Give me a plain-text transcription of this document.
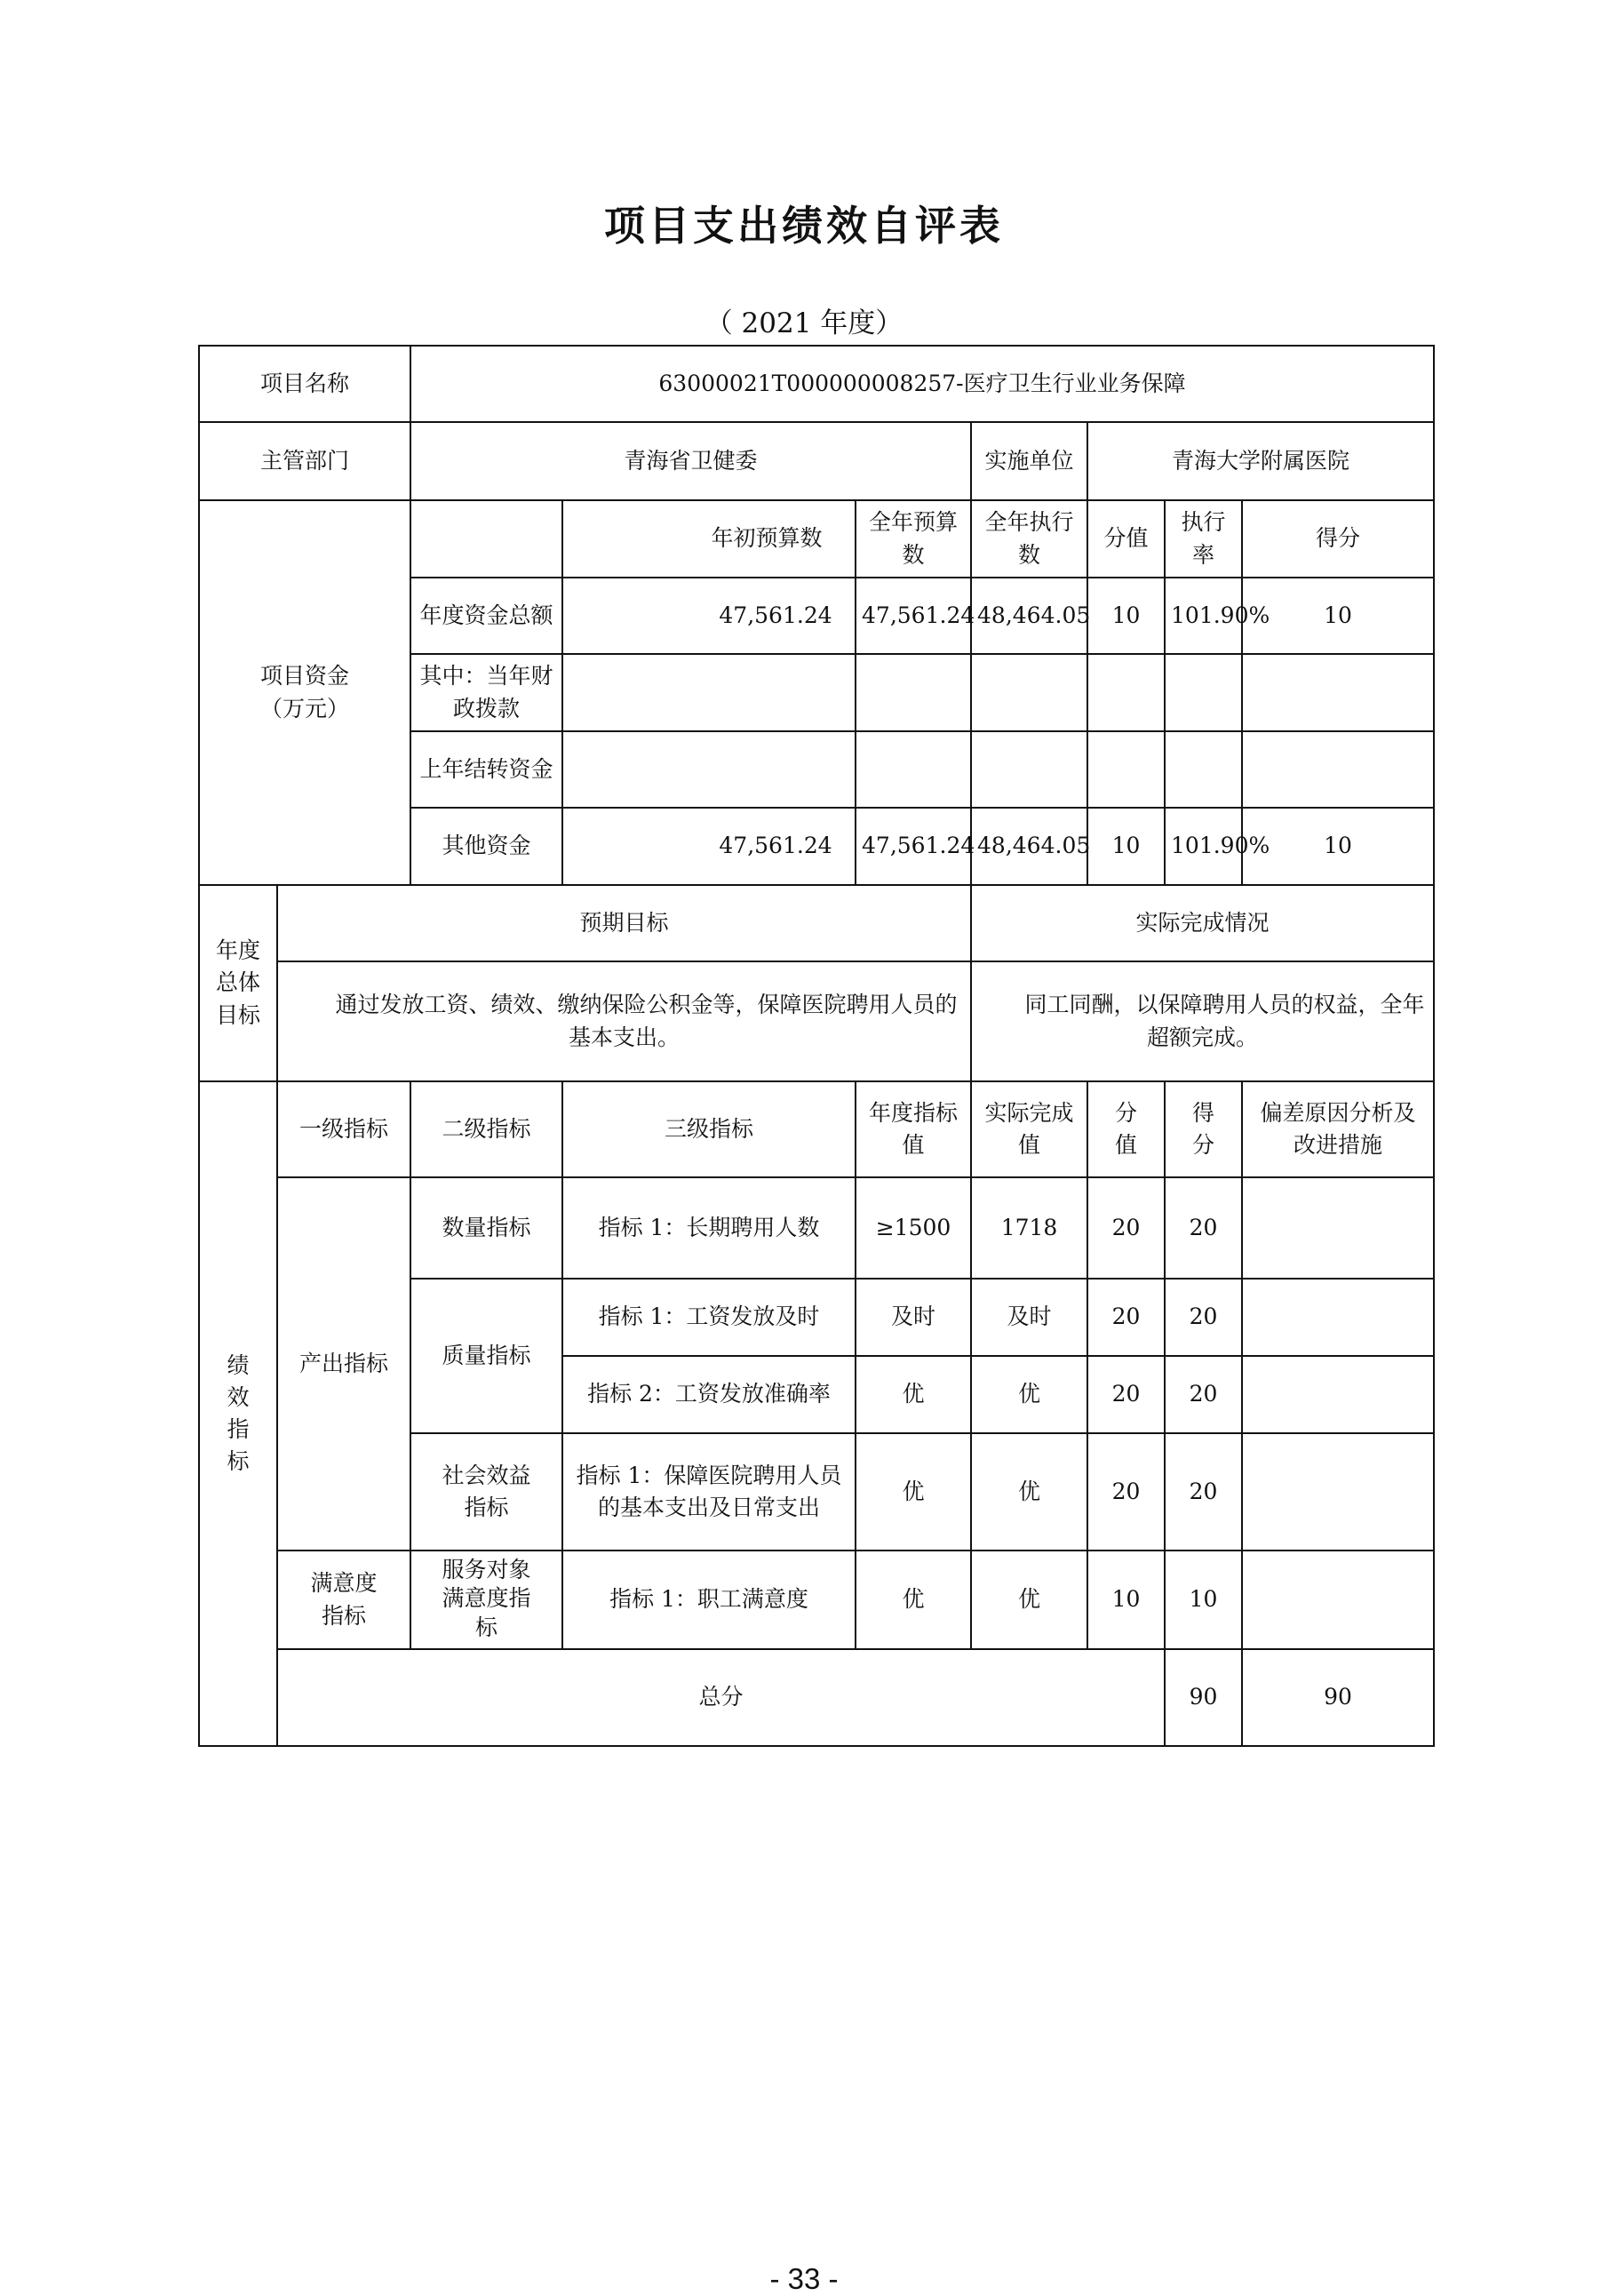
项目支出绩效自评表
（ 2021 年度）
项目名称		63000021T000000008257-医疗卫生行业业务保障							
主管部门		青海省卫健委			实施单位	青海大学附属医院			
项目资金（万元）			年初预算数	全年预算数	全年执行数	分值	执行率	得分	
		年度资金总额	47,561.24	47,561.24	48,464.05	10	101.90%	10	
		其中：当年财政拨款							
		上年结转资金							
		其他资金	47,561.24	47,561.24	48,464.05	10	101.90%	10	
年度总体目标	预期目标				实际完成情况				
	通过发放工资、绩效、缴纳保险公积金等，保障医院聘用人员的基本支出。				同工同酬，以保障聘用人员的权益，全年超额完成。				
绩效指标	一级指标	二级指标	三级指标	年度指标值	实际完成值	分值	得分	偏差原因分析及改进措施	
	产出指标	数量指标	指标 1：长期聘用人数	≥1500	1718	20	20		
		质量指标	指标 1：工资发放及时	及时	及时	20	20		
			指标 2：工资发放准确率	优	优	20	20		
		社会效益指标	指标 1：保障医院聘用人员的基本支出及日常支出	优	优	20	20		
	满意度指标	服务对象满意度指标	指标 1：职工满意度	优	优	10	10		
	总分						90	90	
- 33 -
